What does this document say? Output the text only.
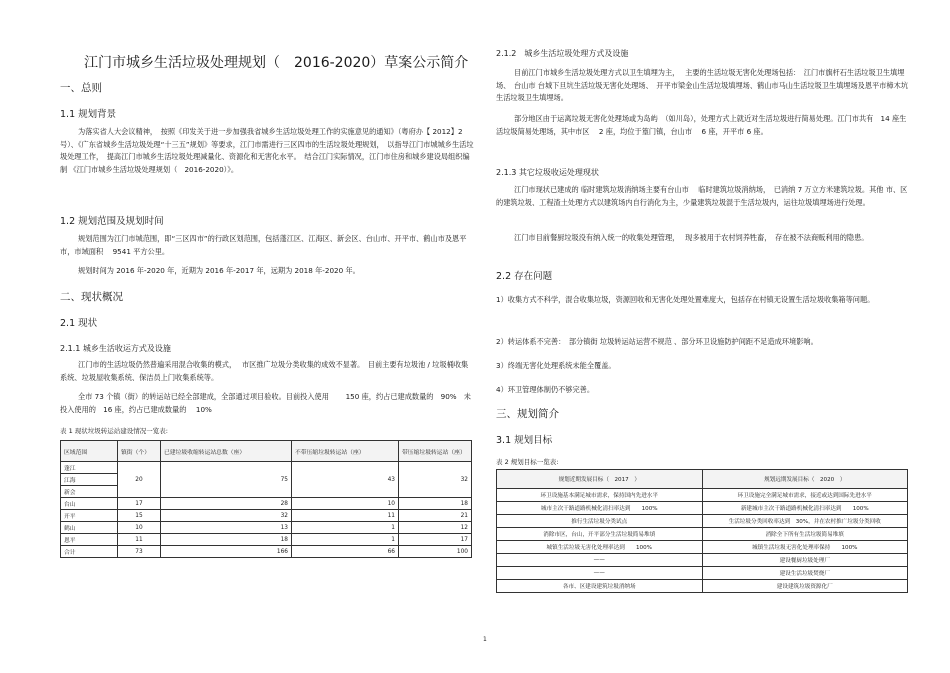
江门市城乡生活垃圾处理规划（　2016-2020）草案公示简介
一、总则
1.1 规划背景
为落实省人大会议精神，　按照《印发关于进一步加强我省城乡生活垃圾处理工作的实施意见的通知》（粤府办【 2012】2 号）、《广东省城乡生活垃圾处理“十三五”规划》等要求，江门市需进行三区四市的生活垃圾处理规划，　以指导江门市城城乡生活垃圾处理工作，　提高江门市城乡生活垃圾处理减量化、资源化和无害化水平。　结合江门实际情况，江门市住房和城乡建设局组织编制 《江门市城乡生活垃圾处理规划（　2016-2020）》。
1.2 规划范围及规划时间
规划范围为江门市城范围，即“三区四市”的行政区划范围，包括蓬江区、江海区、新会区、台山市、开平市、鹤山市及恩平市，市域面积　 9541 平方公里。
规划时间为 2016 年-2020 年，近期为 2016 年-2017 年，远期为 2018 年-2020 年。
二、现状概况
2.1 现状
2.1.1 城乡生活收运方式及设施
江门市的生活垃圾仍然普遍采用混合收集的模式，　 市区推广垃圾分类收集的成效不显著。　目前主要有垃圾池 / 垃圾桶收集系统、垃圾屋收集系统、保洁员上门收集系统等。
全市 73 个镇（街）的转运站已经全部建成，全部通过项目验收。目前投入使用　　 150 座，约占已建成数量的　90%　未投入使用的　16 座，约占已建成数量的　 10%
表 1 现状垃圾转运站建设情况一览表:
区域范围	镇街（个）	已建垃圾收缩转运站总数（座）	不带压缩垃圾转运站（座）	带压缩垃圾转运站（座）
蓬江	20	75	43	32
江海				
新会				
台山	17	28	10	18
开平	15	32	11	21
鹤山	10	13	1	12
恩平	11	18	1	17
合计	73	166	66	100
2.1.2　城乡生活垃圾处理方式及设施
目前江门市城乡生活垃圾处理方式以卫生填埋为主，　 主要的生活垃圾无害化处理场包括：　江门市旗杆石生活垃圾卫生填埋场、　台山市 台城下旦坑生活垃圾无害化处理场、　开平市梁金山生活垃圾填埋场、鹤山市马山生活垃圾卫生填埋场及恩平市樟木坑生活垃圾卫生填埋场。
部分地区由于运离垃圾无害化处理场或为岛屿　（如川岛），处理方式上就近对生活垃圾进行简易处理。江门市共有　14 座生活垃圾简易处理场，其中市区　 2 座，均位于篁门镇，台山市　 6 座，开平市 6 座。
2.1.3 其它垃圾收运处理现状
江门市现状已建成的 临时建筑垃圾消纳场主要有台山市　 临时建筑垃圾消纳场，　已消纳 7 万立方米建筑垃圾。其他 市、区的建筑垃圾、工程渣土处理方式以建筑场内自行消化为主，少量建筑垃圾混于生活垃圾内，运往垃圾填埋场进行处理。
江门市目前餐厨垃圾没有纳入统一的收集处理管理，　 现多被用于农村饲养牲畜，　存在被不法商贩利用的隐患。
2.2 存在问题
1）收集方式不科学，混合收集垃圾，资源回收和无害化处理处置难度大，包括存在村镇无设置生活垃圾收集箱等问题。
2）转运体系不完善：　部分镇街 垃圾转运站运营不规范 、部分环卫设施防护间距不足造成环境影响。
3）终端无害化处理系统未能全覆盖。
4）环卫管理体制仍不够完善。
三、规划简介
3.1 规划目标
表 2 规划目标一览表:
规划近期发展目标（　2017　）	规划远期发展目标（　2020　）
环卫设施基本满足城市需求，保持国内先进水平	环卫设施完全满足城市需求，接近或达到国际先进水平
城市主次干路道路机械化清扫率达到　　100%	新建城市主次干路道路机械化清扫率达到　　100%
推行生活垃圾分类试点	生活垃圾分类回收率达到　30%，并在农村推广垃圾分类回收
消除市区，台山，开平部分生活垃圾简易堆填	消除全下所有生活垃圾简易堆填
城镇生活垃圾无害化处理率达到　　100%	城镇生活垃圾无害化处理率保持　　100%
——	建设餐厨垃圾处理厂
——	建设生活垃圾焚烧厂
各市、区建设建筑垃圾消纳场	建设建筑垃圾资源化厂
1
